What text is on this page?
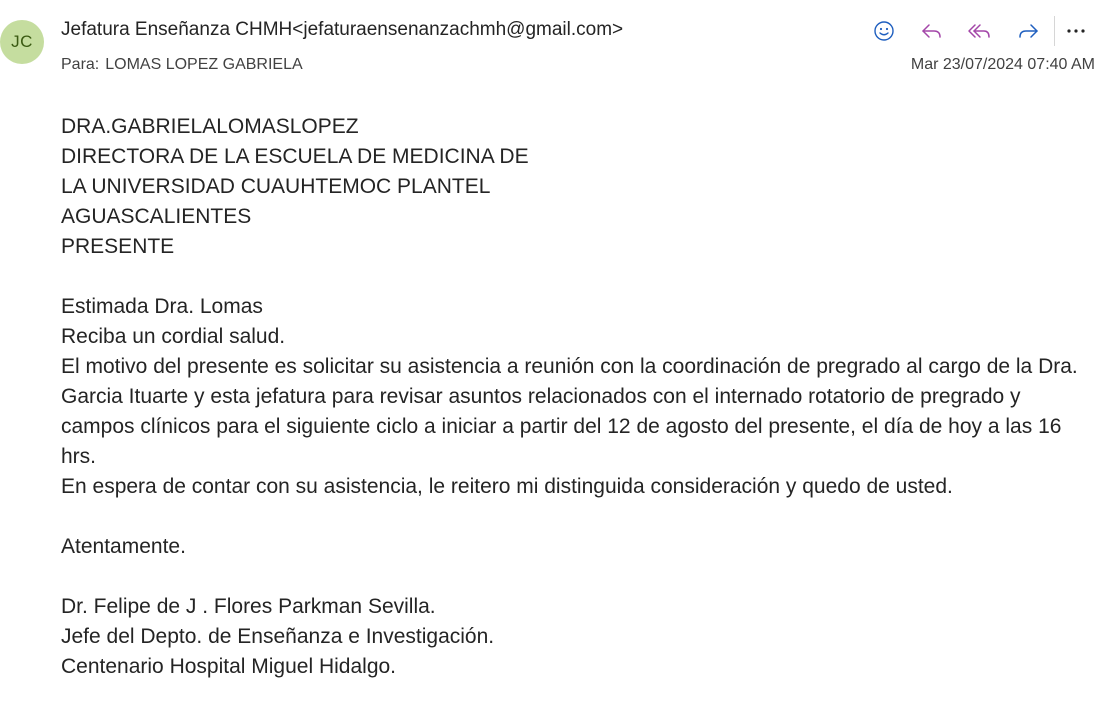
JC
Jefatura Enseñanza CHMH<jefaturaensenanzachmh@gmail.com>
Para: LOMAS LOPEZ GABRIELA	Mar 23/07/2024 07:40 AM

DRA.GABRIELALOMASLOPEZ

DIRECTORA DE LA ESCUELA DE MEDICINA DE

LA UNIVERSIDAD CUAUHTEMOC PLANTEL

AGUASCALIENTES

PRESENTE

Estimada Dra. Lomas

Reciba un cordial salud.

El motivo del presente es solicitar su asistencia a reunión con la coordinación de pregrado al cargo de la Dra. Garcia Ituarte y esta jefatura para revisar asuntos relacionados con el internado rotatorio de pregrado y campos clínicos para el siguiente ciclo a iniciar a partir del 12 de agosto del presente, el día de hoy a las 16 hrs.

En espera de contar con su asistencia, le reitero mi distinguida consideración y quedo de usted.

Atentamente.

Dr. Felipe de J . Flores Parkman Sevilla.

Jefe del Depto. de Enseñanza e Investigación.

Centenario Hospital Miguel Hidalgo.
